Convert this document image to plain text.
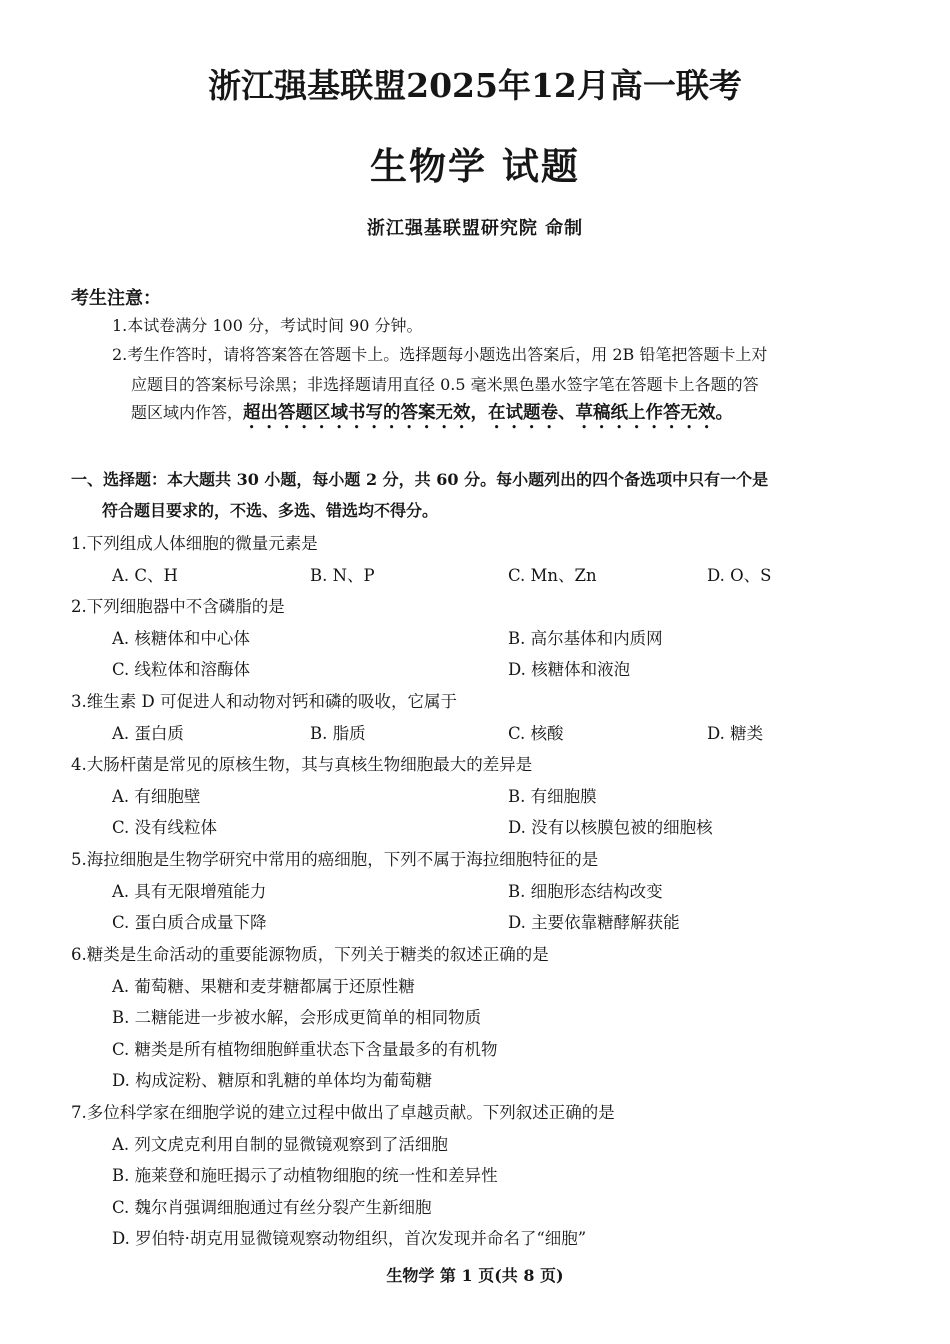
浙江强基联盟2025年12月高一联考
生物学 试题
浙江强基联盟研究院 命制
考生注意：
1.本试卷满分 100 分，考试时间 90 分钟。
2.考生作答时，请将答案答在答题卡上。选择题每小题选出答案后，用 2B 铅笔把答题卡上对
应题目的答案标号涂黑；非选择题请用直径 0.5 毫米黑色墨水签字笔在答题卡上各题的答
题区域内作答，超出答题区域书写的答案无效，在试题卷、草稿纸上作答无效。
一、选择题：本大题共 30 小题，每小题 2 分，共 60 分。每小题列出的四个备选项中只有一个是
符合题目要求的，不选、多选、错选均不得分。
1.下列组成人体细胞的微量元素是
A. C、H	B. N、P	C. Mn、Zn	D. O、S
2.下列细胞器中不含磷脂的是
A. 核糖体和中心体	B. 高尔基体和内质网
C. 线粒体和溶酶体	D. 核糖体和液泡
3.维生素 D 可促进人和动物对钙和磷的吸收，它属于
A. 蛋白质	B. 脂质	C. 核酸	D. 糖类
4.大肠杆菌是常见的原核生物，其与真核生物细胞最大的差异是
A. 有细胞壁	B. 有细胞膜
C. 没有线粒体	D. 没有以核膜包被的细胞核
5.海拉细胞是生物学研究中常用的癌细胞，下列不属于海拉细胞特征的是
A. 具有无限增殖能力	B. 细胞形态结构改变
C. 蛋白质合成量下降	D. 主要依靠糖酵解获能
6.糖类是生命活动的重要能源物质，下列关于糖类的叙述正确的是
A. 葡萄糖、果糖和麦芽糖都属于还原性糖
B. 二糖能进一步被水解，会形成更简单的相同物质
C. 糖类是所有植物细胞鲜重状态下含量最多的有机物
D. 构成淀粉、糖原和乳糖的单体均为葡萄糖
7.多位科学家在细胞学说的建立过程中做出了卓越贡献。下列叙述正确的是
A. 列文虎克利用自制的显微镜观察到了活细胞
B. 施莱登和施旺揭示了动植物细胞的统一性和差异性
C. 魏尔肖强调细胞通过有丝分裂产生新细胞
D. 罗伯特·胡克用显微镜观察动物组织，首次发现并命名了“细胞”
生物学 第 1 页(共 8 页)
